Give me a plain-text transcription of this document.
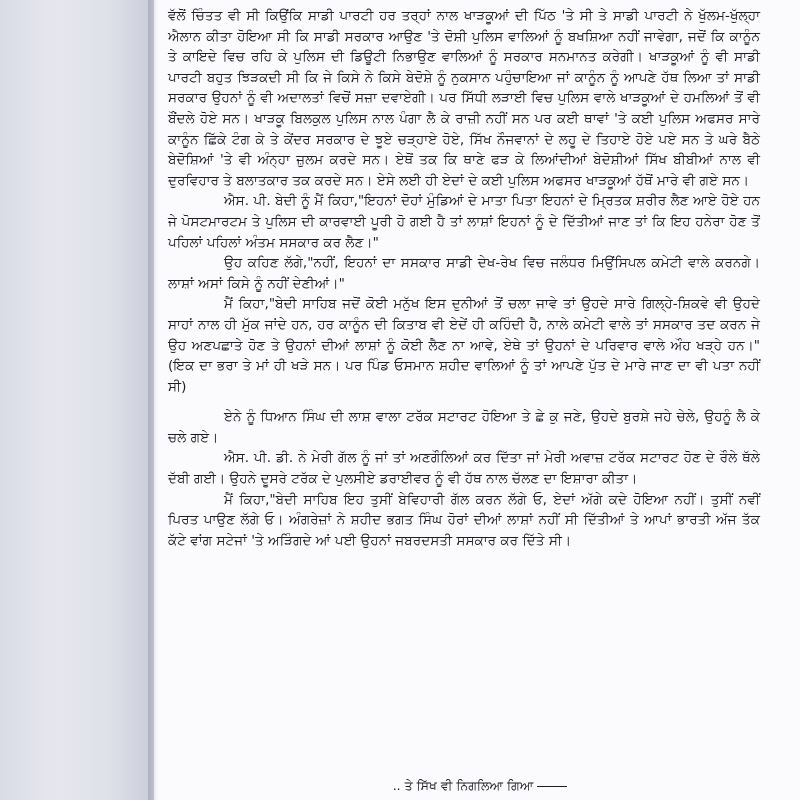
ਵੱਲੋਂ ਚਿੰਤਤ ਵੀ ਸੀ ਕਿਉਂਕਿ ਸਾਡੀ ਪਾਰਟੀ ਹਰ ਤਰ੍ਹਾਂ ਨਾਲ ਖਾੜਕੂਆਂ ਦੀ ਪਿੱਠ 'ਤੇ ਸੀ ਤੇ ਸਾਡੀ ਪਾਰਟੀ ਨੇ ਖੁੱਲਮ-ਖੁੱਲ੍ਹਾ ਐਲਾਨ ਕੀਤਾ ਹੋਇਆ ਸੀ ਕਿ ਸਾਡੀ ਸਰਕਾਰ ਆਉਣ 'ਤੇ ਦੋਸ਼ੀ ਪੁਲਿਸ ਵਾਲਿਆਂ ਨੂੰ ਬਖਸ਼ਿਆ ਨਹੀਂ ਜਾਵੇਗਾ, ਜਦੋਂ ਕਿ ਕਾਨੂੰਨ ਤੇ ਕਾਇਦੇ ਵਿਚ ਰਹਿ ਕੇ ਪੁਲਿਸ ਦੀ ਡਿਊਟੀ ਨਿਭਾਉਣ ਵਾਲਿਆਂ ਨੂੰ ਸਰਕਾਰ ਸਨਮਾਨਤ ਕਰੇਗੀ। ਖਾੜਕੂਆਂ ਨੂੰ ਵੀ ਸਾਡੀ ਪਾਰਟੀ ਬਹੁਤ ਝਿੜਕਦੀ ਸੀ ਕਿ ਜੇ ਕਿਸੇ ਨੇ ਕਿਸੇ ਬੇਦੋਸ਼ੇ ਨੂੰ ਨੁਕਸਾਨ ਪਹੁੰਚਾਇਆ ਜਾਂ ਕਾਨੂੰਨ ਨੂੰ ਆਪਣੇ ਹੱਥ ਲਿਆ ਤਾਂ ਸਾਡੀ ਸਰਕਾਰ ਉਹਨਾਂ ਨੂੰ ਵੀ ਅਦਾਲਤਾਂ ਵਿਚੋਂ ਸਜ਼ਾ ਦਵਾਏਗੀ। ਪਰ ਸਿੱਧੀ ਲੜਾਈ ਵਿਚ ਪੁਲਿਸ ਵਾਲੇ ਖਾੜਕੂਆਂ ਦੇ ਹਮਲਿਆਂ ਤੋਂ ਵੀ ਬੌਂਦਲੇ ਹੋਏ ਸਨ। ਖਾੜਕੂ ਬਿਲਕੁਲ ਪੁਲਿਸ ਨਾਲ ਪੰਗਾ ਲੈ ਕੇ ਰਾਜ਼ੀ ਨਹੀਂ ਸਨ ਪਰ ਕਈ ਥਾਵਾਂ 'ਤੇ ਕਈ ਪੁਲਿਸ ਅਫਸਰ ਸਾਰੇ ਕਾਨੂੰਨ ਛਿੱਕੇ ਟੰਗ ਕੇ ਤੇ ਕੇਂਦਰ ਸਰਕਾਰ ਦੇ ਝੂਏ ਚੜ੍ਹਾਏ ਹੋਏ, ਸਿੱਖ ਨੌਜਵਾਨਾਂ ਦੇ ਲਹੂ ਦੇ ਤਿਹਾਏ ਹੋਏ ਪਏ ਸਨ ਤੇ ਘਰੇ ਬੈਠੇ ਬੇਦੋਸ਼ਿਆਂ 'ਤੇ ਵੀ ਅੰਨ੍ਹਾ ਜ਼ੁਲਮ ਕਰਦੇ ਸਨ। ਏਥੋਂ ਤਕ ਕਿ ਥਾਣੇ ਫੜ ਕੇ ਲਿਆਂਦੀਆਂ ਬੇਦੋਸ਼ੀਆਂ ਸਿੱਖ ਬੀਬੀਆਂ ਨਾਲ ਵੀ ਦੁਰਵਿਹਾਰ ਤੇ ਬਲਾਤਕਾਰ ਤਕ ਕਰਦੇ ਸਨ। ਏਸੇ ਲਈ ਹੀ ਏਦਾਂ ਦੇ ਕਈ ਪੁਲਿਸ ਅਫਸਰ ਖਾੜਕੂਆਂ ਹੱਥੋਂ ਮਾਰੇ ਵੀ ਗਏ ਸਨ।

ਐਸ. ਪੀ. ਬੇਦੀ ਨੂੰ ਮੈਂ ਕਿਹਾ,"ਇਹਨਾਂ ਦੋਹਾਂ ਮੁੰਡਿਆਂ ਦੇ ਮਾਤਾ ਪਿਤਾ ਇਹਨਾਂ ਦੇ ਮ੍ਰਿਤਕ ਸ਼ਰੀਰ ਲੈਣ ਆਏ ਹੋਏ ਹਨ ਜੇ ਪੋਸਟਮਾਰਟਮ ਤੇ ਪੁਲਿਸ ਦੀ ਕਾਰਵਾਈ ਪੂਰੀ ਹੋ ਗਈ ਹੈ ਤਾਂ ਲਾਸ਼ਾਂ ਇਹਨਾਂ ਨੂੰ ਦੇ ਦਿੱਤੀਆਂ ਜਾਣ ਤਾਂ ਕਿ ਇਹ ਹਨੇਰਾ ਹੋਣ ਤੋਂ ਪਹਿਲਾਂ ਪਹਿਲਾਂ ਅੰਤਮ ਸਸਕਾਰ ਕਰ ਲੈਣ।"

ਉਹ ਕਹਿਣ ਲੱਗੇ,"ਨਹੀਂ, ਇਹਨਾਂ ਦਾ ਸਸਕਾਰ ਸਾਡੀ ਦੇਖ-ਰੇਖ ਵਿਚ ਜਲੰਧਰ ਮਿਉਂਸਿਪਲ ਕਮੇਟੀ ਵਾਲੇ ਕਰਨਗੇ। ਲਾਸ਼ਾਂ ਅਸਾਂ ਕਿਸੇ ਨੂੰ ਨਹੀਂ ਦੇਣੀਆਂ।"

ਮੈਂ ਕਿਹਾ,"ਬੇਦੀ ਸਾਹਿਬ ਜਦੋਂ ਕੋਈ ਮਨੁੱਖ ਇਸ ਦੁਨੀਆਂ ਤੋਂ ਚਲਾ ਜਾਵੇ ਤਾਂ ਉਹਦੇ ਸਾਰੇ ਗਿਲ੍ਹੇ-ਸ਼ਿਕਵੇ ਵੀ ਉਹਦੇ ਸਾਹਾਂ ਨਾਲ ਹੀ ਮੁੱਕ ਜਾਂਦੇ ਹਨ, ਹਰ ਕਾਨੂੰਨ ਦੀ ਕਿਤਾਬ ਵੀ ਏਦੇਂ ਹੀ ਕਹਿੰਦੀ ਹੈ, ਨਾਲੇ ਕਮੇਟੀ ਵਾਲੇ ਤਾਂ ਸਸਕਾਰ ਤਦ ਕਰਨ ਜੇ ਉਹ ਅਣਪਛਾਤੇ ਹੋਣ ਤੇ ਉਹਨਾਂ ਦੀਆਂ ਲਾਸ਼ਾਂ ਨੂੰ ਕੋਈ ਲੈਣ ਨਾ ਆਵੇ, ਏਥੇ ਤਾਂ ਉਹਨਾਂ ਦੇ ਪਰਿਵਾਰ ਵਾਲੇ ਔਹ ਖੜ੍ਹੇ ਹਨ।" (ਇਕ ਦਾ ਭਰਾ ਤੇ ਮਾਂ ਹੀ ਖੜੇ ਸਨ। ਪਰ ਪਿੰਡ ਓਸਮਾਨ ਸ਼ਹੀਦ ਵਾਲਿਆਂ ਨੂੰ ਤਾਂ ਆਪਣੇ ਪੁੱਤ ਦੇ ਮਾਰੇ ਜਾਣ ਦਾ ਵੀ ਪਤਾ ਨਹੀਂ ਸੀ)

ਏਨੇ ਨੂੰ ਧਿਆਨ ਸਿੰਘ ਦੀ ਲਾਸ਼ ਵਾਲਾ ਟਰੱਕ ਸਟਾਰਟ ਹੋਇਆ ਤੇ ਛੇ ਕੁ ਜਣੇ, ਉਹਦੇ ਬੁਰਸ਼ੇ ਜਹੇ ਚੇਲੇ, ਉਹਨੂੰ ਲੈ ਕੇ ਚਲੇ ਗਏ।

ਐਸ. ਪੀ. ਡੀ. ਨੇ ਮੇਰੀ ਗੱਲ ਨੂੰ ਜਾਂ ਤਾਂ ਅਣਗੌਲਿਆਂ ਕਰ ਦਿੱਤਾ ਜਾਂ ਮੇਰੀ ਅਵਾਜ਼ ਟਰੱਕ ਸਟਾਰਟ ਹੋਣ ਦੇ ਰੌਲੇ ਥੱਲੇ ਦੱਬੀ ਗਈ। ਉਹਨੇ ਦੂਸਰੇ ਟਰੱਕ ਦੇ ਪੁਲਸੀਏ ਡਰਾਈਵਰ ਨੂੰ ਵੀ ਹੱਥ ਨਾਲ ਚੱਲਣ ਦਾ ਇਸ਼ਾਰਾ ਕੀਤਾ।

ਮੈਂ ਕਿਹਾ,"ਬੇਦੀ ਸਾਹਿਬ ਇਹ ਤੁਸੀਂ ਬੇਵਿਹਾਰੀ ਗੱਲ ਕਰਨ ਲੱਗੇ ਓ, ਏਦਾਂ ਅੱਗੇ ਕਦੇ ਹੋਇਆ ਨਹੀਂ। ਤੁਸੀਂ ਨਵੀਂ ਪਿਰਤ ਪਾਉਣ ਲੱਗੇ ਓ। ਅੰਗਰੇਜ਼ਾਂ ਨੇ ਸ਼ਹੀਦ ਭਗਤ ਸਿੰਘ ਹੋਰਾਂ ਦੀਆਂ ਲਾਸ਼ਾਂ ਨਹੀਂ ਸੀ ਦਿੱਤੀਆਂ ਤੇ ਆਪਾਂ ਭਾਰਤੀ ਅੱਜ ਤੱਕ ਕੱਟੇ ਵਾਂਗ ਸਟੇਜਾਂ 'ਤੇ ਅੜਿੰਗਦੇ ਆਂ ਪਈ ਉਹਨਾਂ ਜਬਰਦਸਤੀ ਸਸਕਾਰ ਕਰ ਦਿੱਤੇ ਸੀ।

.. ਤੇ ਸਿੱਖ ਵੀ ਨਿਗਲਿਆ ਗਿਆ
